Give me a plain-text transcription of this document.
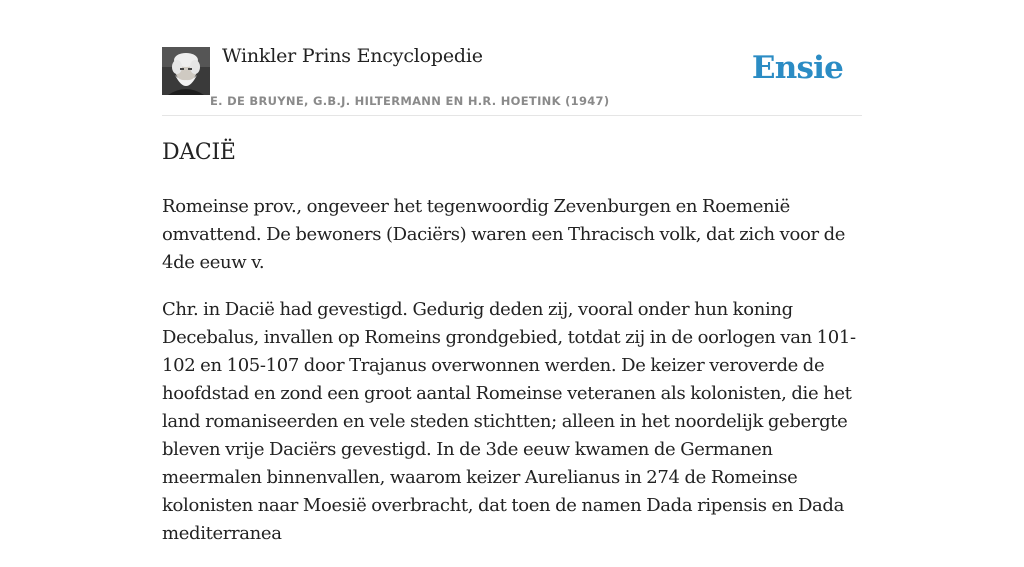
Winkler Prins Encyclopedie
E. DE BRUYNE, G.B.J. HILTERMANN EN H.R. HOETINK (1947)
Ensie
DACIË

Romeinse prov., ongeveer het tegenwoordig Zevenburgen en Roemenië omvattend. De bewoners (Daciërs) waren een Thracisch volk, dat zich voor de 4de eeuw v.

Chr. in Dacië had gevestigd. Gedurig deden zij, vooral onder hun koning Decebalus, invallen op Romeins grondgebied, totdat zij in de oorlogen van 101-102 en 105-107 door Trajanus overwonnen werden. De keizer veroverde de hoofdstad en zond een groot aantal Romeinse veteranen als kolonisten, die het land romaniseerden en vele steden stichtten; alleen in het noordelijk gebergte bleven vrije Daciërs gevestigd. In de 3de eeuw kwamen de Germanen meermalen binnenvallen, waarom keizer Aurelianus in 274 de Romeinse kolonisten naar Moesië overbracht, dat toen de namen Dada ripensis en Dada mediterranea
